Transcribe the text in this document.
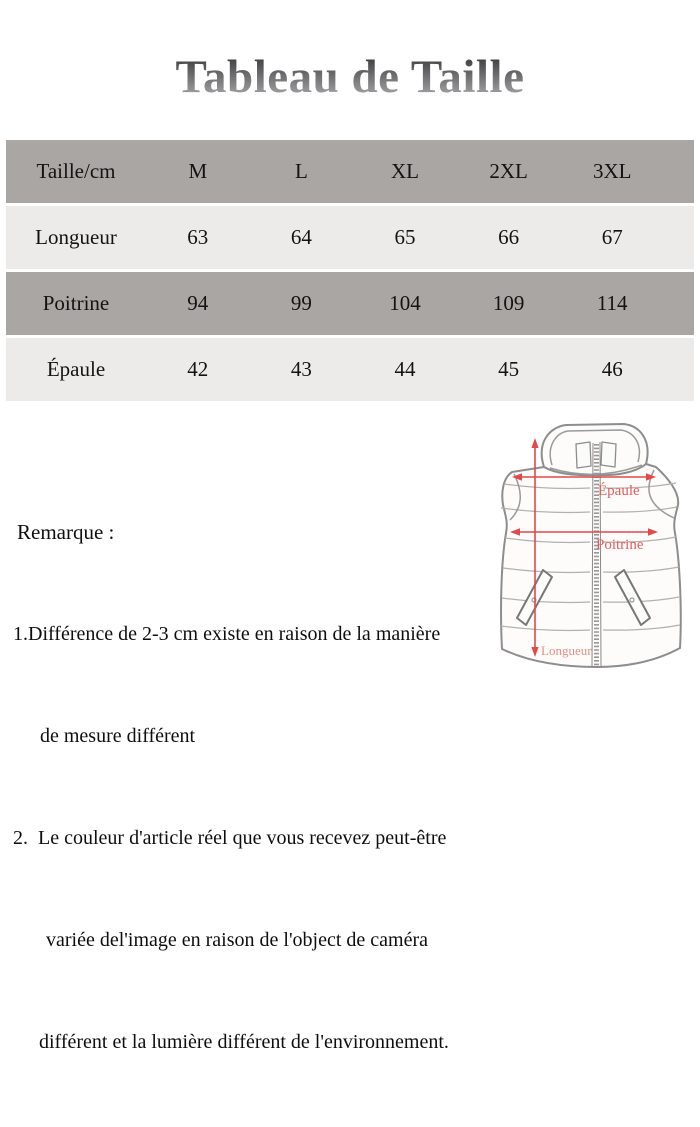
Tableau de Taille
Taille/cm	M	L	XL	2XL	3XL
Longueur	63	64	65	66	67
Poitrine	94	99	104	109	114
Épaule	42	43	44	45	46

Remarque :

1.Différence de 2-3 cm existe en raison de la manière

de mesure différent

2.  Le couleur d'article réel que vous recevez peut-être

variée del'image en raison de l'object de caméra

différent et la lumière différent de l'environnement.

Épaule
Poitrine
Longueur
